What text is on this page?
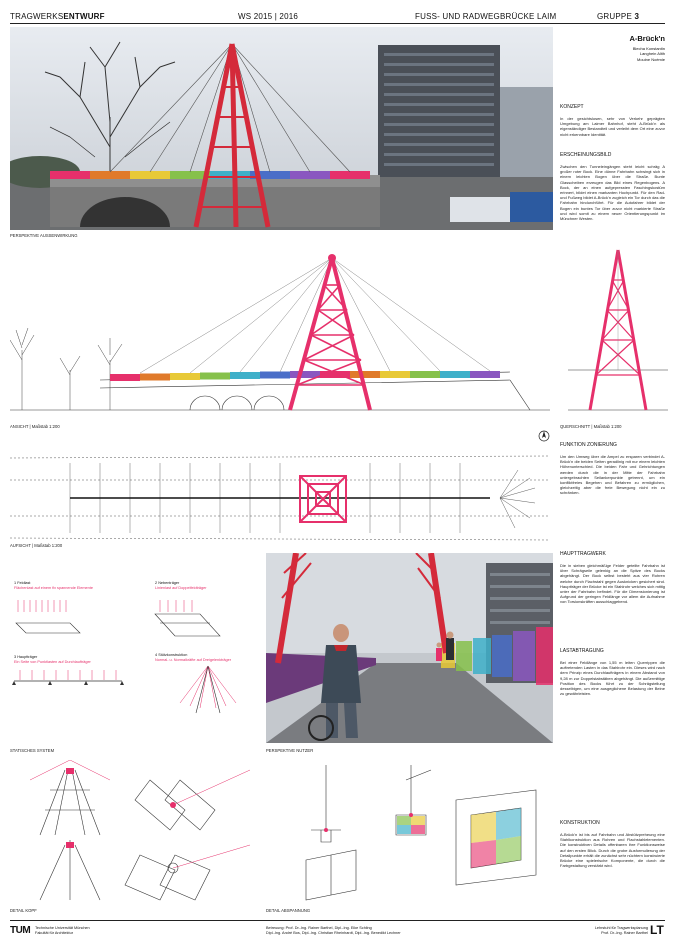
TRAGWERKSENTWURF	WS 2015 | 2016	FUSS- UND RADWEGBRÜCKE LAIM	GRUPPE 3
PERSPEKTIVE AUSSENWIRKUNG
A-Brück'n
Blecha Konstantin
Langhein Alith
Mouine Noémie
KONZEPT
In der gesichtslosen, sehr von Verkehr geprägten Umgebung am Laimer Bahnhof, steht A-Brück'n als eigenständiger Bestandteil und verleiht dem Ort eine zuvor nicht erkennbare Identität.
ERSCHEINUNGSBILD
Zwischen den Tunneleingängen steht leicht schräg A großer roter Bock. Eine dünne Fahrbahn schwingt sich in einem leichten Bogen über die Straße. Bunte Glasscheiben erzeugen das Bild eines Regenbogens. A Bock, der an einen aufgepressten Faschingskostüm erinnert, bildet einen markanten Hochpunkt. Für den Rad- und Fußweg bildet A-Brück'n zugleich ein Tor durch das die Fahrbahn hindurchführt. Für die Autofahrer bildet der Bogen ein buntes Tor über zuvor nicht markierte Straße und wird somit zu einem neuer Orientierungspunkt im Münchner Westen.
FUNKTION ZONIERUNG
Um den Umweg über die Ampel zu ersparen verbindet A-Brück'n die beiden Seiten geradlinig mit nur einem leichten Höhenunterschied. Die beiden Fahr und Gehrichtungen werden durch die in der Mitte der Fahrbahn untergebrachten Seilankerpunkte getrennt, um ein konfliktfreies Begehen und Befahren zu ermöglichen, gleichzeitig aber die freie Bewegung nicht ein zu schränken.
HAUPTTRAGWERK
Die in sieben gleichmäßige Felder geteilte Fahrbahn ist über Schrägseile gelenkig an die Spitze des Bocks abgehängt. Der Bock selbst besteht aus vier Rohren welche durch Flachstahl gegen Ausknicken gesichert sind. Hauptträger der Brücke ist ein Stahlrohr welches sich mittig unter der Fahrbahn befindet. Für die Dimensionierung ist Aufgrund der geringen Feldlänge vor allem die Aufnahme von Torsionskräften ausschlaggebend.
LASTABTRAGUNG
Bei einer Feldlänge von 1,55 m leiten Querrippen die auftretenden Lasten in das Stahlrohr ein. Dieses wird nach dem Prinzip eines Durchlaufträgers in einem Abstand von 9,28 m zur Doppelstabstäben abgehängt. Die außermittige Position des Bocks führt zu der Schrägstellung desselbigen, um eine ausgeglichene Belastung der Beine zu gewährleisten.
KONSTRUKTION
A-Brück'n ist bis auf Fahrbahn und Abstützpreheung eine Stahlkonstruktion aus Rohren und Flachstahlelementen. Die konstruktiven Details offenbaren ihre Funktionsweise auf den ersten Blick. Durch die grobe Ausformulierung der Detailpunkte erhält die zunächst sehr nüchtern konstruierte Brücke eine spielerische Komponente, die durch die Farbgestaltung verstärkt wird.
ANSICHT | Maßstab 1:200	QUERSCHNITT | Maßstab 1:200
AUFSICHT | Maßstab 1:200
1 Feldlast
Flächenlast auf einem fix spannende Elemente
2 Nebenträger
Linienlast auf Doppelfeldträger
3 Hauptträger
Ein Seite von Punktlasten auf Durchlaufträger
4 Stützkonstruktion
Normal- u. Normalkräfte auf Dreigelenkträger
STATISCHES SYSTEM	PERSPEKTIVE NUTZER
DETAIL KOPF	DETAIL ABSPANNUNG
TUM Technische Universität München
Fakultät für Architektur
Betreuung: Prof. Dr.-Ing. Rainer Barthel, Dipl.-Ing. Eike Schling
Dipl.-Ing. André Bos, Dipl.-Ing. Christian Rheinhardt, Dipl.-Ing. Benedikt Lechner
Lehrstuhl für Tragwerksplanung
Prof. Dr.-Ing. Rainer Barthel LT
